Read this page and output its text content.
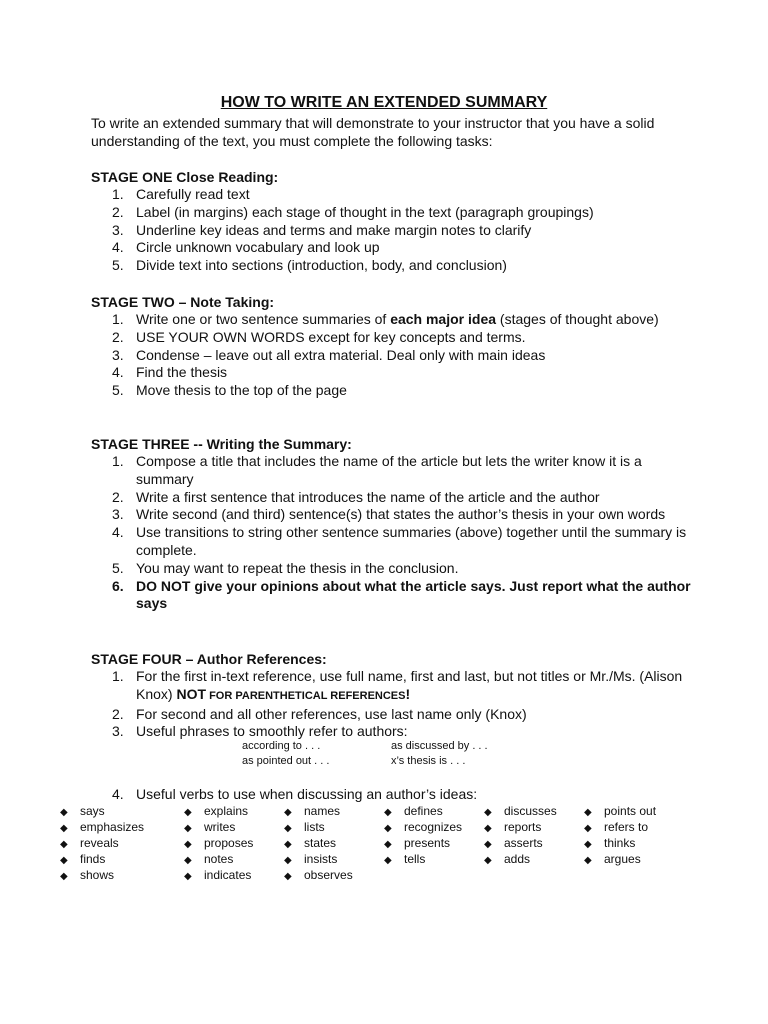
HOW TO WRITE AN EXTENDED SUMMARY
To write an extended summary that will demonstrate to your instructor that you have a solid understanding of the text, you must complete the following tasks:
STAGE ONE Close Reading:
1. Carefully read text
2. Label (in margins) each stage of thought in the text (paragraph groupings)
3. Underline key ideas and terms and make margin notes to clarify
4. Circle unknown vocabulary and look up
5. Divide text into sections (introduction, body, and conclusion)
STAGE TWO – Note Taking:
1. Write one or two sentence summaries of each major idea (stages of thought above)
2. USE YOUR OWN WORDS except for key concepts and terms.
3. Condense – leave out all extra material. Deal only with main ideas
4. Find the thesis
5. Move thesis to the top of the page
STAGE THREE -- Writing the Summary:
1. Compose a title that includes the name of the article but lets the writer know it is a summary
2. Write a first sentence that introduces the name of the article and the author
3. Write second (and third) sentence(s) that states the author’s thesis in your own words
4. Use transitions to string other sentence summaries (above) together until the summary is complete.
5. You may want to repeat the thesis in the conclusion.
6. DO NOT give your opinions about what the article says. Just report what the author says
STAGE FOUR – Author References:
1. For the first in-text reference, use full name, first and last, but not titles or Mr./Ms. (Alison Knox) NOT FOR PARENTHETICAL REFERENCES!
2. For second and all other references, use last name only (Knox)
3. Useful phrases to smoothly refer to authors:
according to . . .	as discussed by . . .
as pointed out . . .	x’s thesis is . . .
4. Useful verbs to use when discussing an author’s ideas:
◆ says	◆ explains	◆ names	◆ defines	◆ discusses	◆ points out
◆ emphasizes	◆ writes	◆ lists	◆ recognizes ◆ reports	◆ refers to
◆ reveals	◆ proposes	◆ states	◆ presents	◆ asserts	◆ thinks
◆ finds	◆ notes	◆ insists	◆ tells	◆ adds	◆ argues
◆ shows	◆ indicates	◆ observes
